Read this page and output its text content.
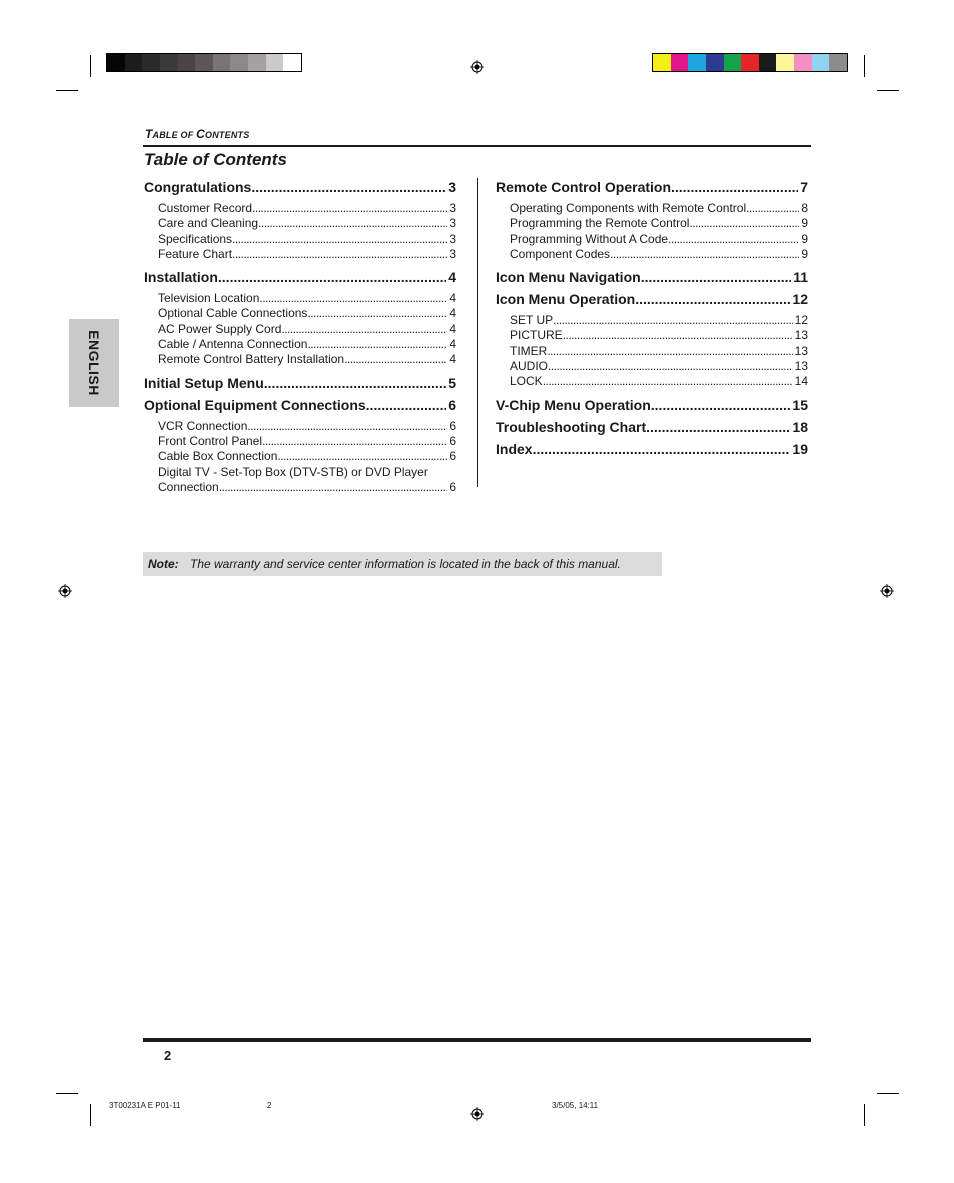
TABLE OF CONTENTS
Table of Contents
ENGLISH
Congratulations .....	3
Customer Record .....	3
Care and Cleaning .....	3
Specifications .....	3
Feature Chart .....	3
Installation .....	4
Television Location .....	4
Optional Cable Connections .....	4
AC Power Supply Cord .....	4
Cable / Antenna Connection .....	4
Remote Control Battery Installation .....	4
Initial Setup Menu .....	5
Optional Equipment Connections .....	6
VCR Connection .....	6
Front Control Panel .....	6
Cable Box Connection .....	6
Digital TV - Set-Top Box (DTV-STB) or DVD Player
Connection .....	6
Remote Control Operation .....	7
Operating Components with Remote Control .....	8
Programming the Remote Control .....	9
Programming Without A Code .....	9
Component Codes .....	9
Icon Menu Navigation .....	11
Icon Menu Operation .....	12
SET UP .....	12
PICTURE .....	13
TIMER .....	13
AUDIO .....	13
LOCK .....	14
V-Chip Menu Operation .....	15
Troubleshooting Chart .....	18
Index .....	19
Note: The warranty and service center information is located in the back of this manual.
2
3T00231A E P01-11	2	3/5/05, 14:11
